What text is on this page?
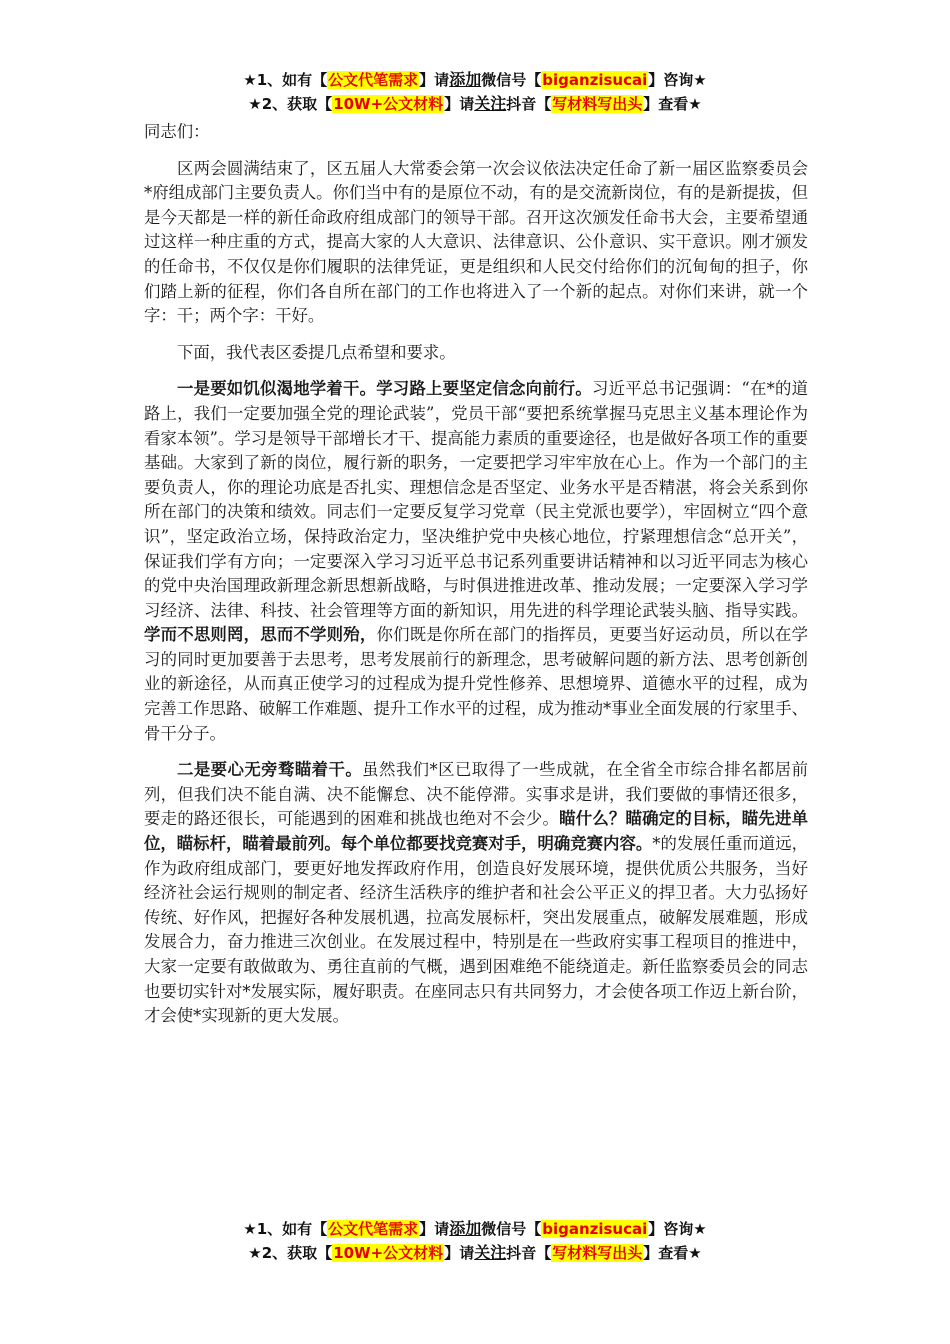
★1、如有【公文代笔需求】请添加微信号【biganzisucai】咨询★
★2、获取【10W+公文材料】请关注抖音【写材料写出头】查看★

同志们：

区两会圆满结束了，区五届人大常委会第一次会议依法决定任命了新一届区监察委员会*府组成部门主要负责人。你们当中有的是原位不动，有的是交流新岗位，有的是新提拔，但是今天都是一样的新任命政府组成部门的领导干部。召开这次颁发任命书大会，主要希望通过这样一种庄重的方式，提高大家的人大意识、法律意识、公仆意识、实干意识。刚才颁发的任命书，不仅仅是你们履职的法律凭证，更是组织和人民交付给你们的沉甸甸的担子，你们踏上新的征程，你们各自所在部门的工作也将进入了一个新的起点。对你们来讲，就一个字：干；两个字：干好。

下面，我代表区委提几点希望和要求。

一是要如饥似渴地学着干。学习路上要坚定信念向前行。习近平总书记强调：“在*的道路上，我们一定要加强全党的理论武装”，党员干部“要把系统掌握马克思主义基本理论作为看家本领”。学习是领导干部增长才干、提高能力素质的重要途径，也是做好各项工作的重要基础。大家到了新的岗位，履行新的职务，一定要把学习牢牢放在心上。作为一个部门的主要负责人，你的理论功底是否扎实、理想信念是否坚定、业务水平是否精湛，将会关系到你所在部门的决策和绩效。同志们一定要反复学习党章（民主党派也要学），牢固树立“四个意识”，坚定政治立场，保持政治定力，坚决维护党中央核心地位，拧紧理想信念“总开关”，保证我们学有方向；一定要深入学习习近平总书记系列重要讲话精神和以习近平同志为核心的党中央治国理政新理念新思想新战略，与时俱进推进改革、推动发展；一定要深入学习学习经济、法律、科技、社会管理等方面的新知识，用先进的科学理论武装头脑、指导实践。学而不思则罔，思而不学则殆，你们既是你所在部门的指挥员，更要当好运动员，所以在学习的同时更加要善于去思考，思考发展前行的新理念，思考破解问题的新方法、思考创新创业的新途径，从而真正使学习的过程成为提升党性修养、思想境界、道德水平的过程，成为完善工作思路、破解工作难题、提升工作水平的过程，成为推动*事业全面发展的行家里手、骨干分子。

二是要心无旁骛瞄着干。虽然我们*区已取得了一些成就，在全省全市综合排名都居前列，但我们决不能自满、决不能懈怠、决不能停滞。实事求是讲，我们要做的事情还很多，要走的路还很长，可能遇到的困难和挑战也绝对不会少。瞄什么？瞄确定的目标，瞄先进单位，瞄标杆，瞄着最前列。每个单位都要找竞赛对手，明确竞赛内容。*的发展任重而道远，作为政府组成部门，要更好地发挥政府作用，创造良好发展环境，提供优质公共服务，当好经济社会运行规则的制定者、经济生活秩序的维护者和社会公平正义的捍卫者。大力弘扬好传统、好作风，把握好各种发展机遇，拉高发展标杆，突出发展重点，破解发展难题，形成发展合力，奋力推进三次创业。在发展过程中，特别是在一些政府实事工程项目的推进中，大家一定要有敢做敢为、勇往直前的气概，遇到困难绝不能绕道走。新任监察委员会的同志也要切实针对*发展实际，履好职责。在座同志只有共同努力，才会使各项工作迈上新台阶，才会使*实现新的更大发展。

★1、如有【公文代笔需求】请添加微信号【biganzisucai】咨询★
★2、获取【10W+公文材料】请关注抖音【写材料写出头】查看★
